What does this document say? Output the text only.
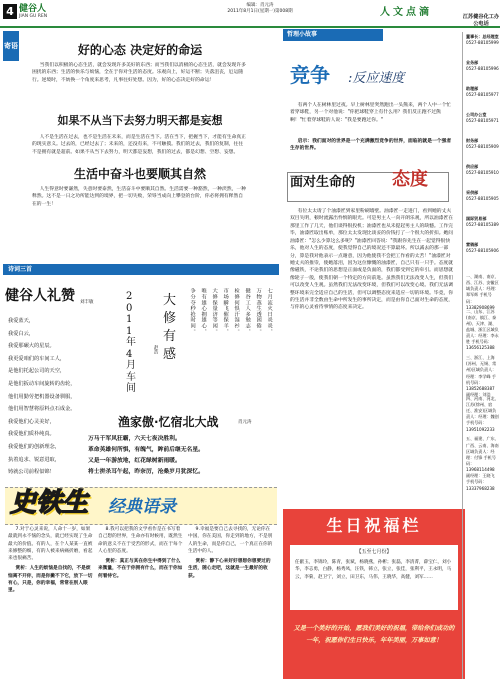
4 健谷人
JIAN GU REN
编辑：肖元涛
2011年8月1日(星期一)第008期	人文点滴
寄语	好的心态 决定好的命运
当我们以积极的心态生活，就会发现许多美好的东西；而当我们以消极的心态生活，就会发现许多困扰的东西；生活的快乐与烦恼，全在于你对生活的态度。乐观向上，好运不断；失落沮丧，厄运随行。逆境时，不妨换一个角度来思考，凡事往好处想。因为，好的心态决定好的命运！
如果不从当下去努力明天都是妄想
人不是生活在过去，也不是生活在未来，而是生活在当下。活在当下，把握当下，才能有生命真正的现实意义。过去的，已经过去了；未来的，还没有来，不可触摸。我们的过去，我们的复制，往往不是拥有就是超前。如果不从当下去努力，明天都是妄想，我们的过去，都是幻想、空想、妄想。
生活中奋斗也要顺其自然
人生得意时要谦然，失意时要泰然，生活奋斗中要顺其自然。生活需要一种豁然，一种淡然，一种释然。这不是一日之功所能达到的境界，把一切失败，荣辱当成向上攀登的台阶，你必将拥有释然自在的一生！
诗词三首
健谷人礼赞 刘丰敏
我爱蓝天，
我爱白云，
我爱那碾大的星辰。
我更爱咱们的车间工人，
是他们托起公司的天空，
是他们扳动车间旋转的齿轮，
他们用勤劳把机器设备驯服，
他们用智慧将原料点石成金。
我爱他们心灵美好，
我爱他们质朴纯真。
我爱他们的创新理念，
执着追求、锐意进取，
铸就公司前程似锦！
赵浩
七月流火日炎炎，
万物蒸生透困倦。
健谷工人多勉志，
检修何惧汗湿衫。
市场瞬飞催保羊，
大修保量济等闲。
唯有雄心拥雄心，
争分夺秒抢时间。
渔家傲·忆宿北大战	肖元涛
万马千军风狂霸，六天七夜决胜利。
革命英雄何所惧，有魄气，眸前后继无名星。
又是一年游放地，红花绿树新雨暖。
将士拼杀耳午起，昨奈厉，沧桑岁月犹深忆。
史铁生 经典语录
7.对于心灵来说，人命十一岁，如果最就到永不恼的念头，就已经实现了生命最大的价值。有的人，在个人某某一直被来修整的细，有的人被来病痛折磨，看起来也很痛苦。
赏析：人生的烦恼是自找的，不是烦恼离不开你，而是你撇不下它，放下一切有心，只是，你的幸福，常常在别人眼里。
8.我可以把我的文学看作是在书写着自己想的世界，生命亦有时候用，既然生命的意义不在于受苦的形式，而在于每个人心里的态度。
赏析：真正与其在你生中得到了什么来衡量，不在于你拥有什么，而在于你如何看待它。
9.幸福是要自己去寻找的，无论你在中国，你在美国，你走到的地方，不是别人的生命，而是你自己，一个真正在你的生活中的人。
赏析：静下心来好好想想你想要过的生活，随心走吧，这就是一生最好的收获。
哲理小故事
竞争 :反应速度
有两个人在树林里过夜。早上树林里突然跑出一头熊来，两个人中一个忙着穿球鞋，另一个对他说："你把球鞋穿上有什么用？我们反正跑不过熊啊！"忙着穿球鞋的人说："我是要跑过你。"
启示：我们面对的世界是一个充满激烈竞争的世界，面临的就是一个强者生存的世界。
面对生命的 态度
有位太太请了个油漆匠到家里粉刷墙壁。油漆匠一走进门，看到她的丈夫双目失明，顿时流露出怜悯的眼光。可是男主人一向开朗乐观，所以油漆匠在那里工作了几天，他们谈得很投机；油漆匠也从未提起男主人的缺憾。工作完毕，油漆匠取出账单，那位太太发现比谈妥的价钱打了一个很大的折扣。她问油漆匠："怎么少算这么多呢？"油漆匠回答说："我跟你先生在一起觉得很快乐，他对人生的态度，使我觉得自己的境况还不算最坏。所以减去的那一部分，算是我对他表示一点谢意，因为他使我不会把工作看的太苦！"油漆匠对她丈夫的推崇，使她落泪，因为这位慷慨的油漆匠，自己只有一只手。态度就像磁铁，不论我们的思想是正面或是负面的，我们都受到它的牵引。而思想就像轮子一般，使我们朝一个特定的方向前进。虽然我们无法改变人生，但我们可以改变人生观。虽然我们无法改变环境，但我们可以改变心境。我们无法调整环境来完全适应自己的生活，但可以调整态度来适应一切的环境。毕竟，你的生活并非全数由生命中所发生的事所决定，而是由你自己面对生命的态度，与你的心灵看待事情的态度来决定。
生日祝福栏
【五至七月份】
任献玉，李锦玲，陈青，张斌，杨晓燕，孙彬；张磊，李清菁，薛宝仁，刘小华，李志勇，白静，杨秀凤，汪铁，韩立，张立，张佳，张利平，王永明，马云，李菊，赵卫宁，刘立，田卫东，马伟，王晓华，高健，刘军……
又是一个美好的开始，愿我们美好的祝福，带给你们成功的一年，祝愿你们生日快乐，年年美丽，万事如意！
江苏健谷化工办公电话
董事长：总经理室
0527-88105999
业务部
0527-88105996
助理部
0527-88105977
公司办公室
0527-88105971
财务部
0527-88105909
供应部
0527-88105910
采供部
0527-88105905
国际贸易部
0527-88105389
营销部
0527-88105906
一、湖南、南京、西、江苏、安徽区域负责人：经理：郑军辉 手机号码：13382908699
二、山东、江苏(南京、镇江、泰州)、天津、湖、盐城、浙江区域负责人：经理：李永胜 手机号码：13656125388
三、浙江、上海 (苏州、无锡、常州)区域负责人：经理：李学峰 手机号码：13852688387 副经理：刘浩
四、河南、河北、江苏(徐州、宿迁、淮安)区域负责人：经理：魏创 手机号码：13951092233
五、福建、广东、广西、云南、海南区域负责人：经理：付锋 手机号码：13968114498 副经理：王晓飞 手机号码：13337968238
大
修
有
感
2
0
1
1
年
4
月
车
间
